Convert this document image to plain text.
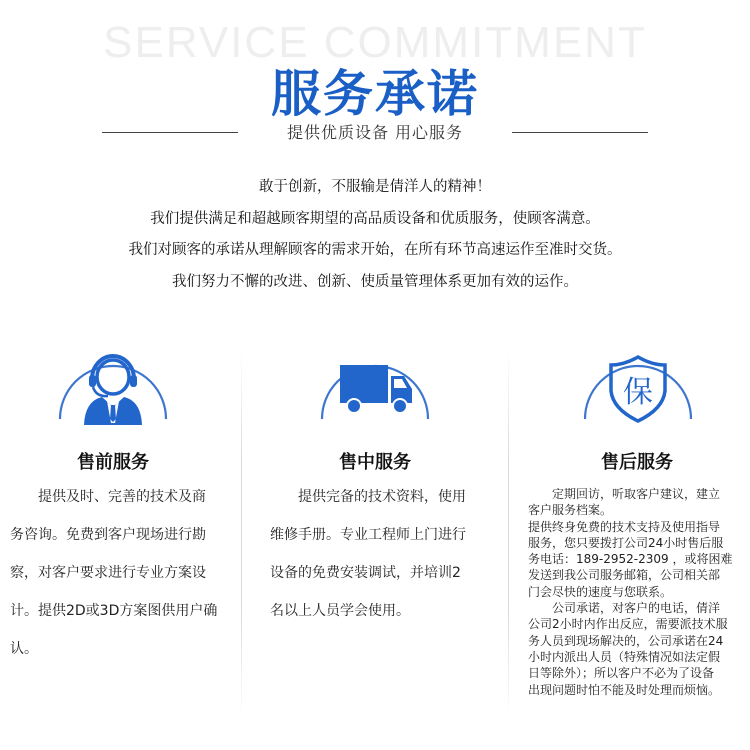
SERVICE COMMITMENT
服务承诺
提供优质设备 用心服务

敢于创新，不服输是倩洋人的精神！

我们提供满足和超越顾客期望的高品质设备和优质服务，使顾客满意。

我们对顾客的承诺从理解顾客的需求开始，在所有环节高速运作至准时交货。

我们努力不懈的改进、创新、使质量管理体系更加有效的运作。

售前服务

　　提供及时、完善的技术及商

务咨询。免费到客户现场进行勘

察，对客户要求进行专业方案设

计。提供2D或3D方案图供用户确

认。

售中服务

　　提供完备的技术资料，使用

维修手册。专业工程师上门进行

设备的免费安装调试，并培训2

名以上人员学会使用。

保
售后服务

　　定期回访，听取客户建议，建立

客户服务档案。

提供终身免费的技术支持及使用指导

服务，您只要拨打公司24小时售后服

务电话：189-2952-2309 ，或将困难

发送到我公司服务邮箱，公司相关部

门会尽快的速度与您联系。

　　公司承诺，对客户的电话，倩洋

公司2小时内作出反应，需要派技术服

务人员到现场解决的，公司承诺在24

小时内派出人员（特殊情况如法定假

日等除外）；所以客户不必为了设备

出现问题时怕不能及时处理而烦恼。
